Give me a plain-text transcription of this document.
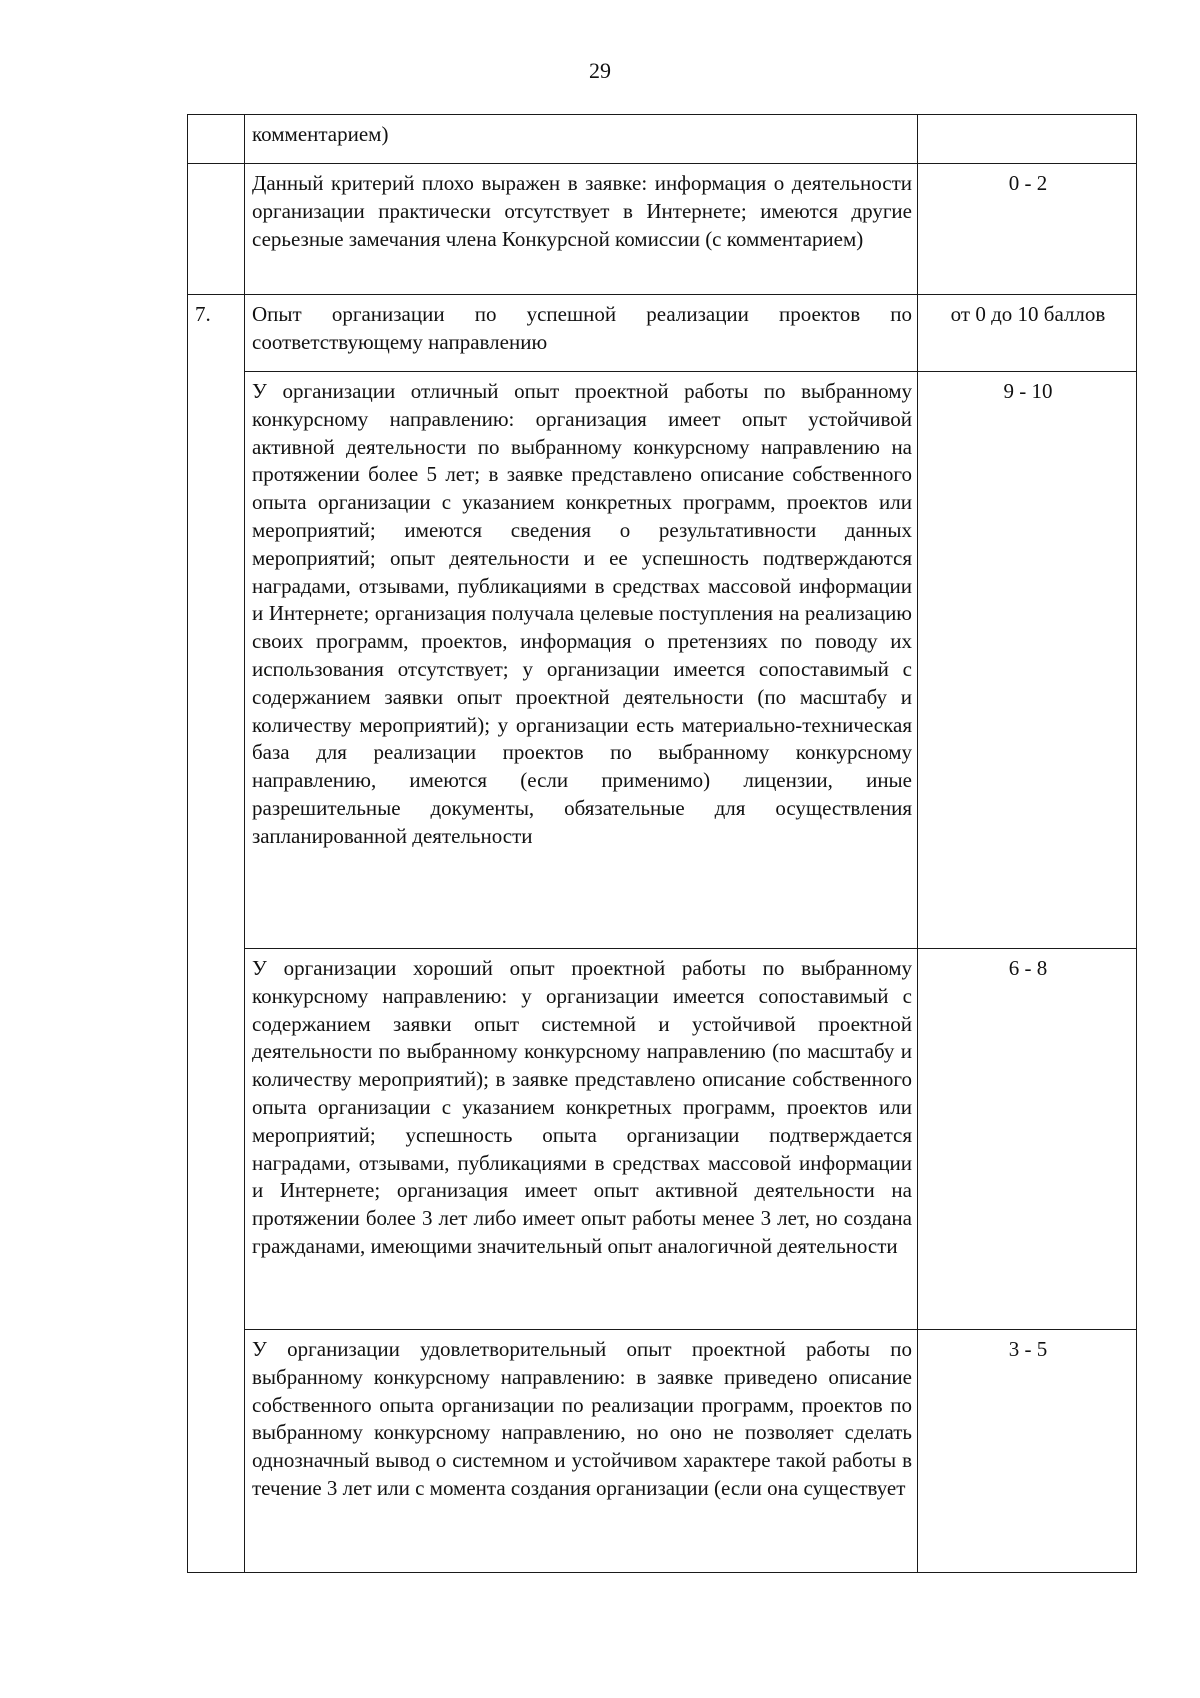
29
	комментарием)	
	Данный критерий плохо выражен в заявке: информация о деятельности организации практически отсутствует в Интернете; имеются другие серьезные замечания члена Конкурсной комиссии (с комментарием)	0 - 2
7.	Опыт организации по успешной реализации проектов по соответствующему направлению	от 0 до 10 баллов
	У организации отличный опыт проектной работы по выбранному конкурсному направлению: организация имеет опыт устойчивой активной деятельности по выбранному конкурсному направлению на протяжении более 5 лет; в заявке представлено описание собственного опыта организации с указанием конкретных программ, проектов или мероприятий; имеются сведения о результативности данных мероприятий; опыт деятельности и ее успешность подтверждаются наградами, отзывами, публикациями в средствах массовой информации и Интернете; организация получала целевые поступления на реализацию своих программ, проектов, информация о претензиях по поводу их использования отсутствует; у организации имеется сопоставимый с содержанием заявки опыт проектной деятельности (по масштабу и количеству мероприятий); у организации есть материально-техническая база для реализации проектов по выбранному конкурсному направлению, имеются (если применимо) лицензии, иные разрешительные документы, обязательные для осуществления запланированной деятельности	9 - 10
	У организации хороший опыт проектной работы по выбранному конкурсному направлению: у организации имеется сопоставимый с содержанием заявки опыт системной и устойчивой проектной деятельности по выбранному конкурсному направлению (по масштабу и количеству мероприятий); в заявке представлено описание собственного опыта организации с указанием конкретных программ, проектов или мероприятий; успешность опыта организации подтверждается наградами, отзывами, публикациями в средствах массовой информации и Интернете; организация имеет опыт активной деятельности на протяжении более 3 лет либо имеет опыт работы менее 3 лет, но создана гражданами, имеющими значительный опыт аналогичной деятельности	6 - 8
	У организации удовлетворительный опыт проектной работы по выбранному конкурсному направлению: в заявке приведено описание собственного опыта организации по реализации программ, проектов по выбранному конкурсному направлению, но оно не позволяет сделать однозначный вывод о системном и устойчивом характере такой работы в течение 3 лет или с момента создания организации (если она существует	3 - 5
